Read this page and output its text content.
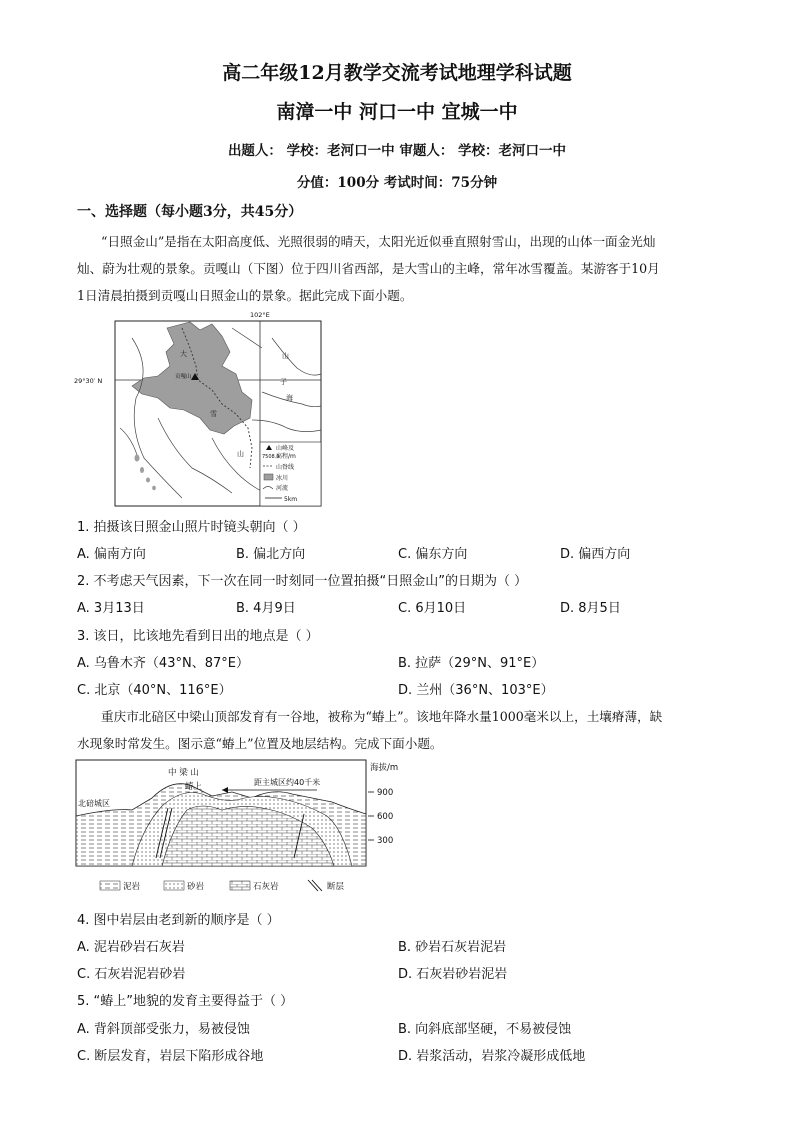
高二年级12月教学交流考试地理学科试题
南漳一中 河口一中 宜城一中
出题人： 学校：老河口一中 审题人： 学校：老河口一中
分值：100分 考试时间：75分钟
一、选择题（每小题3分，共45分）
“日照金山”是指在太阳高度低、光照很弱的晴天，太阳光近似垂直照射雪山，出现的山体一面金光灿
灿、蔚为壮观的景象。贡嘎山（下图）位于四川省西部，是大雪山的主峰，常年冰雪覆盖。某游客于10月
1日清晨拍摄到贡嘎山日照金山的景象。据此完成下面小题。
贡嘎山
102°E
29°30′ N
大
雪
山
海
子
山
山峰及
高程/m
7508.9
山脊线
冰川
河流
5km
1. 拍摄该日照金山照片时镜头朝向（ ）
A. 偏南方向	B. 偏北方向	C. 偏东方向	D. 偏西方向
2. 不考虑天气因素，下一次在同一时刻同一位置拍摄“日照金山”的日期为（ ）
A. 3月13日	B. 4月9日	C. 6月10日	D. 8月5日
3. 该日，比该地先看到日出的地点是（ ）
A. 乌鲁木齐（43°N、87°E）	B. 拉萨（29°N、91°E）
C. 北京（40°N、116°E）	D. 兰州（36°N、103°E）
重庆市北碚区中梁山顶部发育有一谷地，被称为“蝽上”。该地年降水量1000毫米以上，土壤瘠薄，缺
水现象时常发生。图示意“蝽上”位置及地层结构。完成下面小题。
距主城区约40千米
中 梁 山
蝽上
北碚城区
海拔/m
900
600
300
泥岩	砂岩	石灰岩	断层
4. 图中岩层由老到新的顺序是（ ）
A. 泥岩砂岩石灰岩	B. 砂岩石灰岩泥岩
C. 石灰岩泥岩砂岩	D. 石灰岩砂岩泥岩
5. “蝽上”地貌的发育主要得益于（ ）
A. 背斜顶部受张力，易被侵蚀	B. 向斜底部坚硬，不易被侵蚀
C. 断层发育，岩层下陷形成谷地	D. 岩浆活动，岩浆冷凝形成低地
